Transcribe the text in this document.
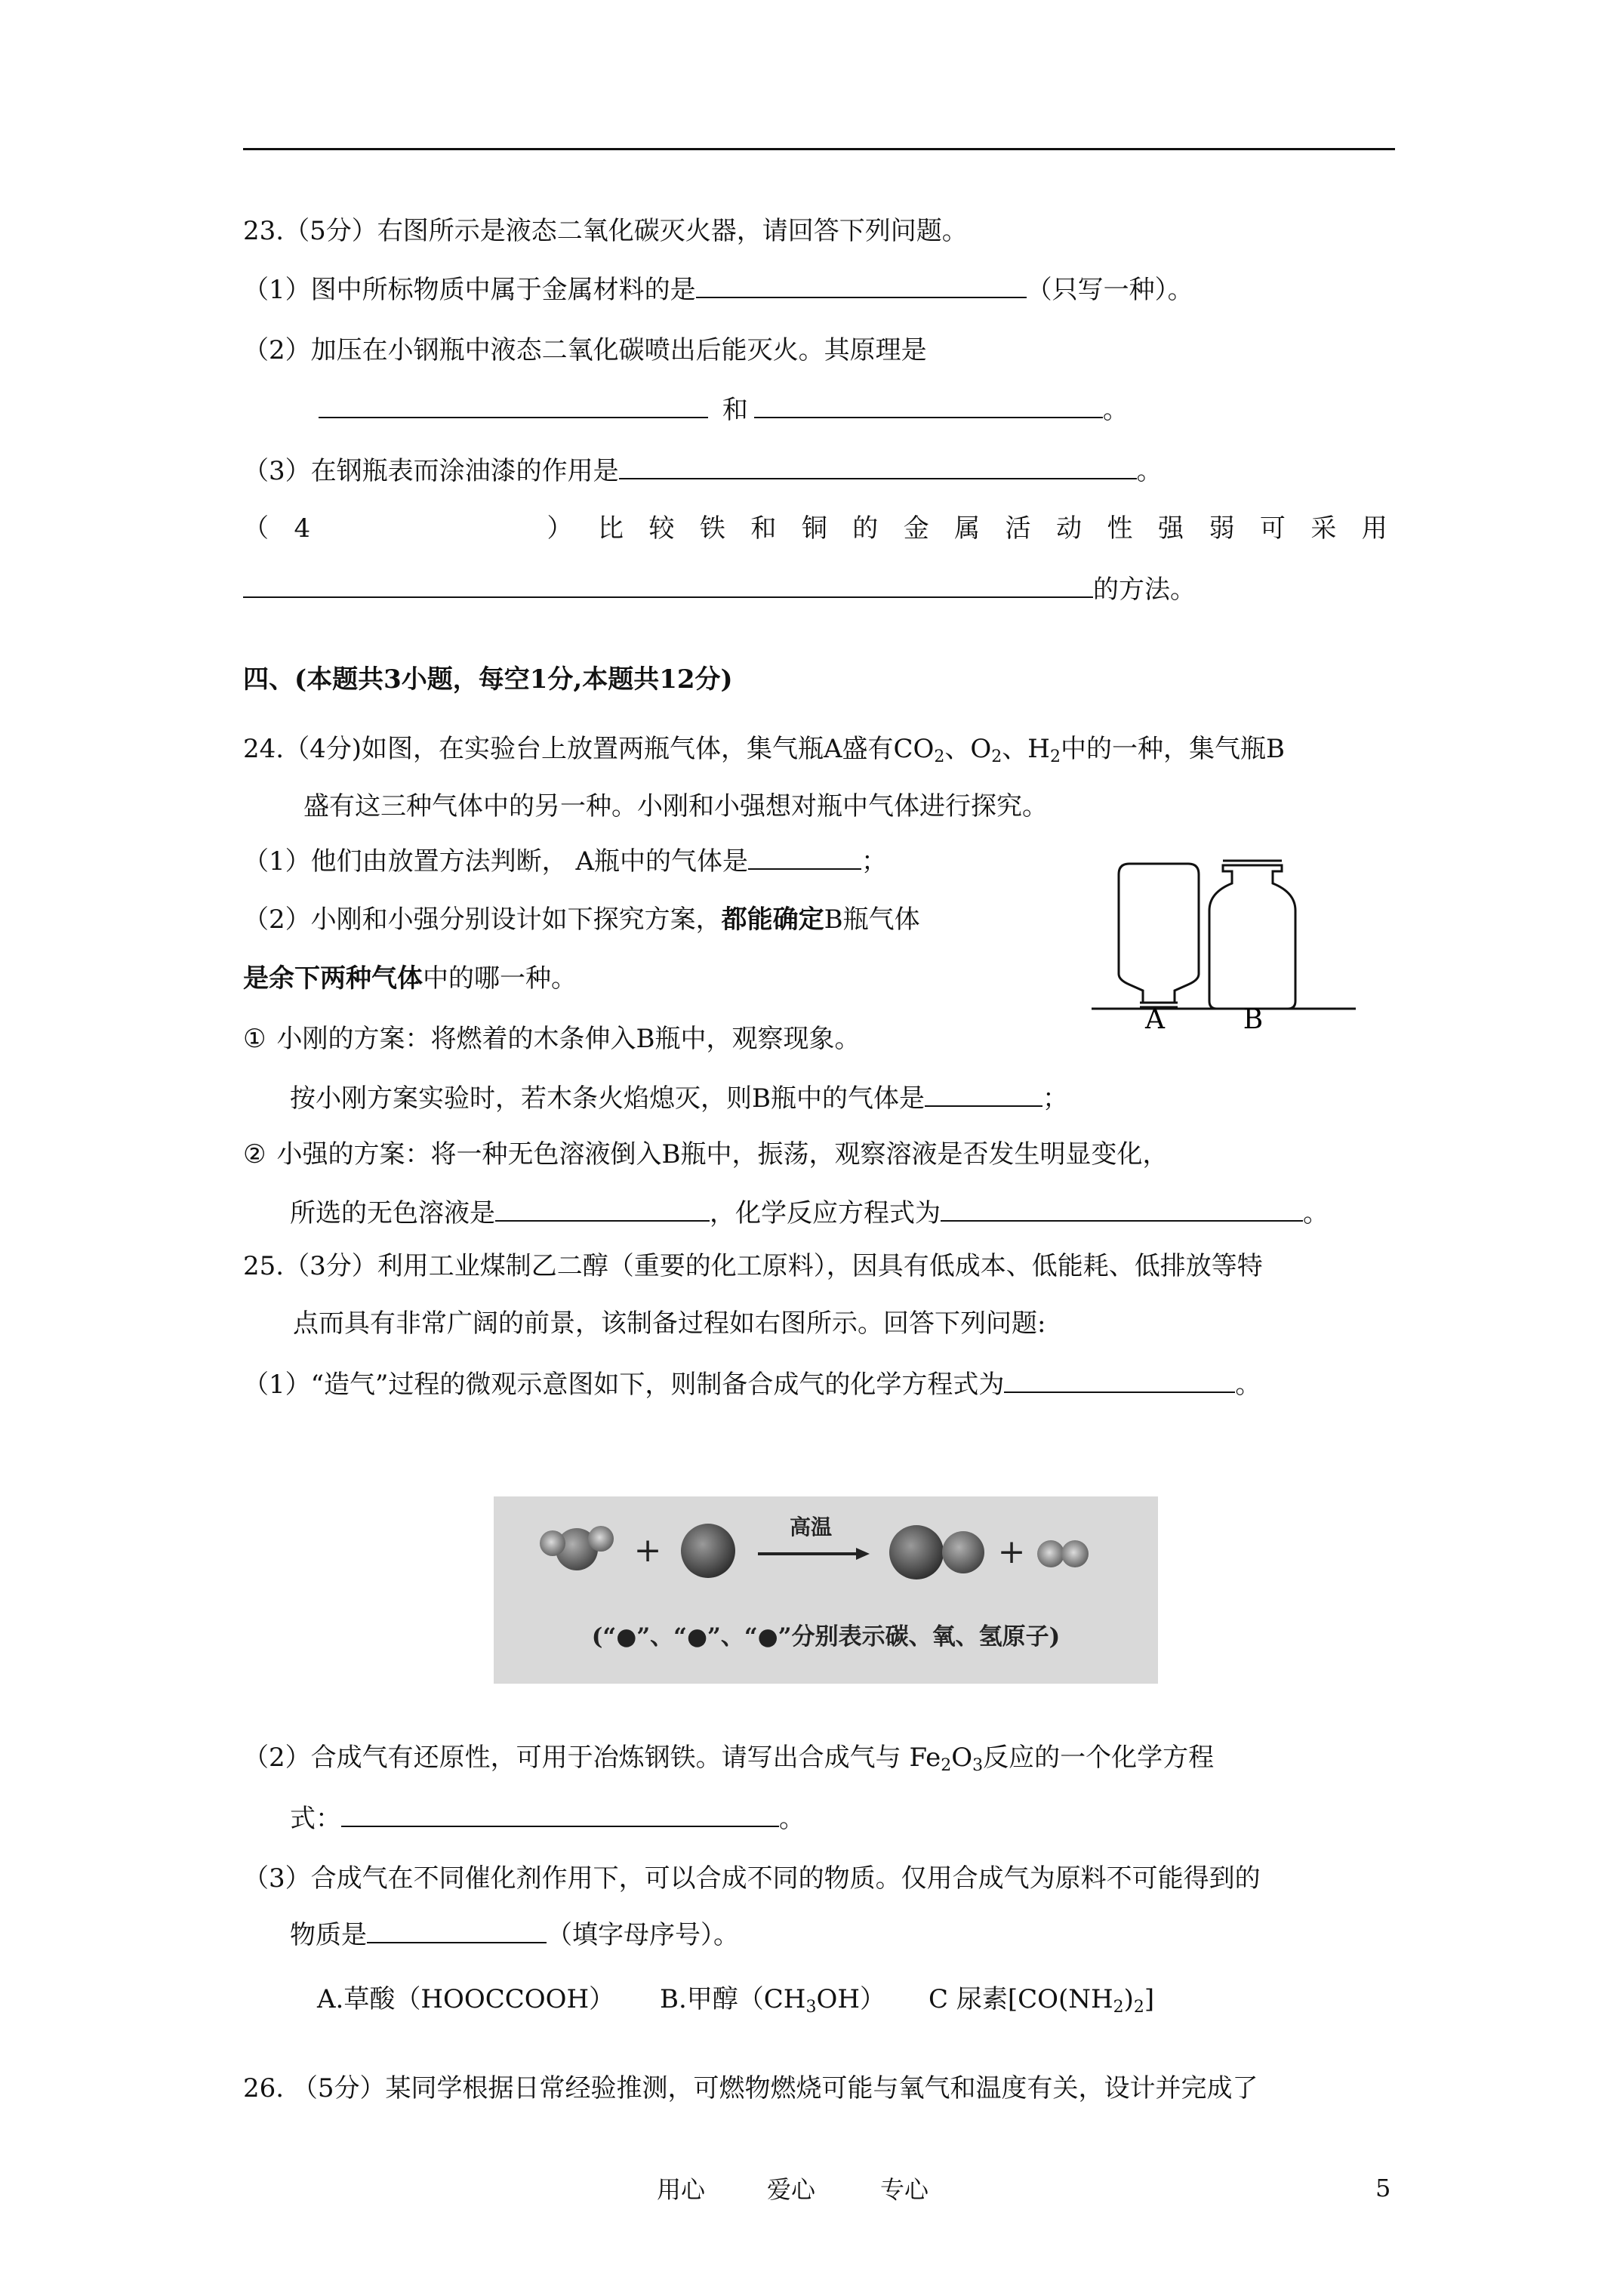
23.（5分）右图所示是液态二氧化碳灭火器，请回答下列问题。
（1）图中所标物质中属于金属材料的是	（只写一种）。
（2）加压在小钢瓶中液态二氧化碳喷出后能灭火。其原理是
和	。
（3）在钢瓶表而涂油漆的作用是	。
（ 4	） 比 较 铁 和 铜 的 金 属 活 动 性 强 弱 可 采 用
的方法。
四、(本题共3小题，每空1分,本题共12分)
24.（4分)如图，在实验台上放置两瓶气体，集气瓶A盛有$CO_2$、$O_2$、$H_2$中的一种，集气瓶B
盛有这三种气体中的另一种。小刚和小强想对瓶中气体进行探究。
（1）他们由放置方法判断， A瓶中的气体是	；
（2）小刚和小强分别设计如下探究方案，都能确定B瓶气体
是余下两种气体中的哪一种。
A	B
① 小刚的方案：将燃着的木条伸入B瓶中，观察现象。
按小刚方案实验时，若木条火焰熄灭，则B瓶中的气体是	；
② 小强的方案：将一种无色溶液倒入B瓶中，振荡，观察溶液是否发生明显变化，
所选的无色溶液是	，化学反应方程式为	。
25.（3分）利用工业煤制乙二醇（重要的化工原料），因具有低成本、低能耗、低排放等特
点而具有非常广阔的前景，该制备过程如右图所示。回答下列问题:
（1）“造气”过程的微观示意图如下，则制备合成气的化学方程式为	。
+
高温
+
(“●”、“●”、“●”分别表示碳、氧、氢原子)
（2）合成气有还原性，可用于冶炼钢铁。请写出合成气与 $Fe_2O_3$反应的一个化学方程
式：	。
（3）合成气在不同催化剂作用下，可以合成不同的物质。仅用合成气为原料不可能得到的
物质是	（填字母序号）。
A.草酸（HOOCCOOH） B.甲醇$(CH_3OH)$ C 尿素$[CO(NH_2)_2]$
26. （5分）某同学根据日常经验推测，可燃物燃烧可能与氧气和温度有关，设计并完成了
用心	爱心	专心	5
